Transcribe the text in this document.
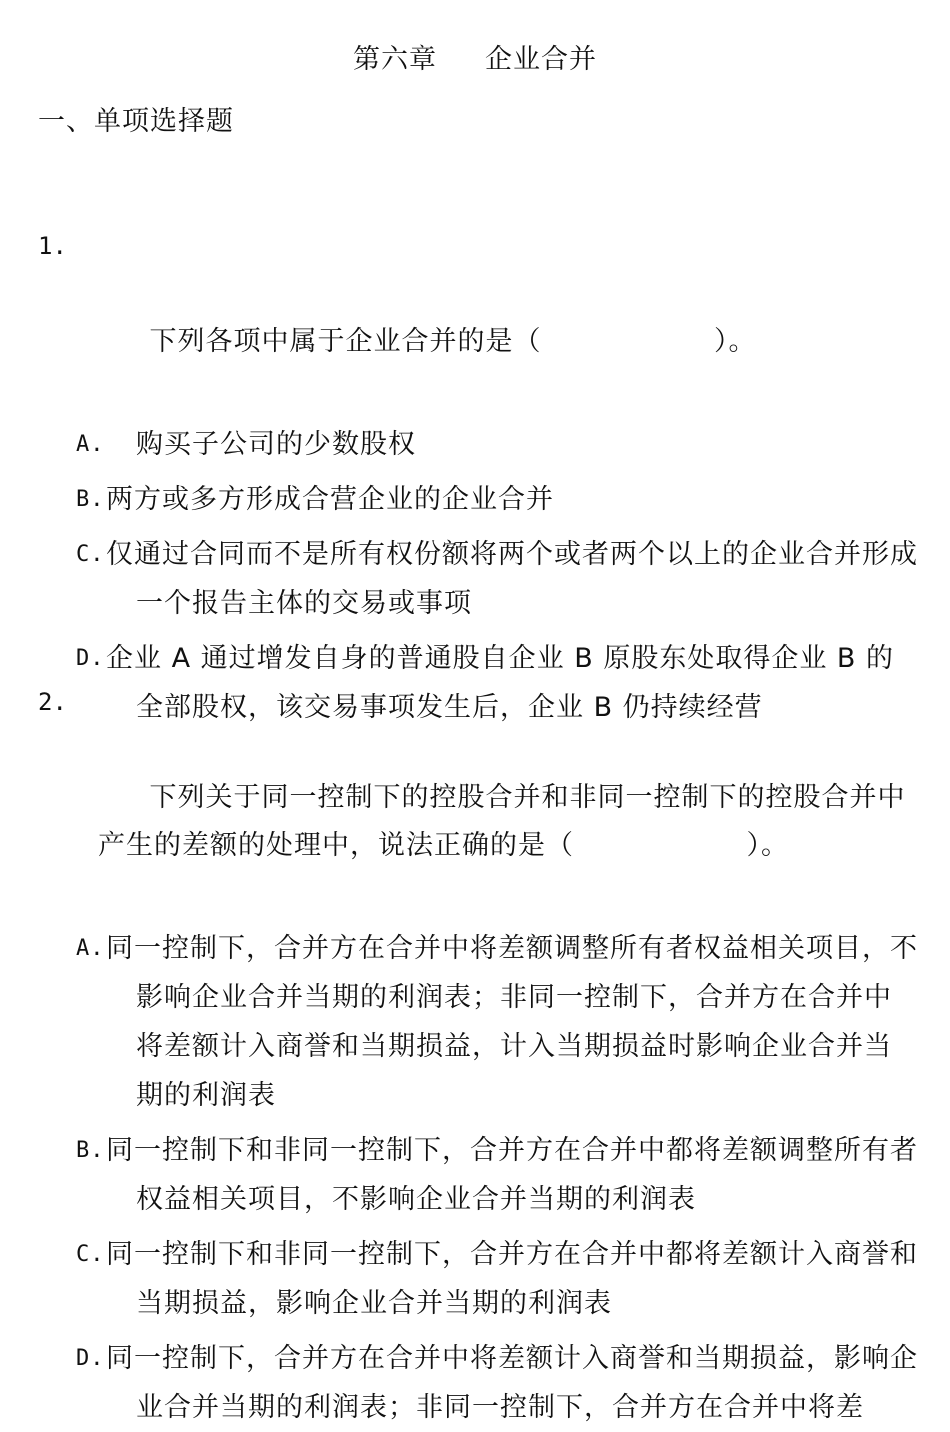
第六章     企业合并
一、单项选择题

1.

下列各项中属于企业合并的是（                  ）。

A. 购买子公司的少数股权
B. 两方或多方形成合营企业的企业合并
C. 仅通过合同而不是所有权份额将两个或者两个以上的企业合并形成一个报告主体的交易或事项
D. 企业 A 通过增发自身的普通股自企业 B 原股东处取得企业 B 的全部股权，该交易事项发生后，企业 B 仍持续经营

2.

下列关于同一控制下的控股合并和非同一控制下的控股合并中产生的差额的处理中，说法正确的是（                  ）。

A. 同一控制下，合并方在合并中将差额调整所有者权益相关项目，不影响企业合并当期的利润表；非同一控制下，合并方在合并中将差额计入商誉和当期损益，计入当期损益时影响企业合并当期的利润表
B. 同一控制下和非同一控制下，合并方在合并中都将差额调整所有者权益相关项目，不影响企业合并当期的利润表
C. 同一控制下和非同一控制下，合并方在合并中都将差额计入商誉和当期损益，影响企业合并当期的利润表
D. 同一控制下，合并方在合并中将差额计入商誉和当期损益，影响企业合并当期的利润表；非同一控制下，合并方在合并中将差
